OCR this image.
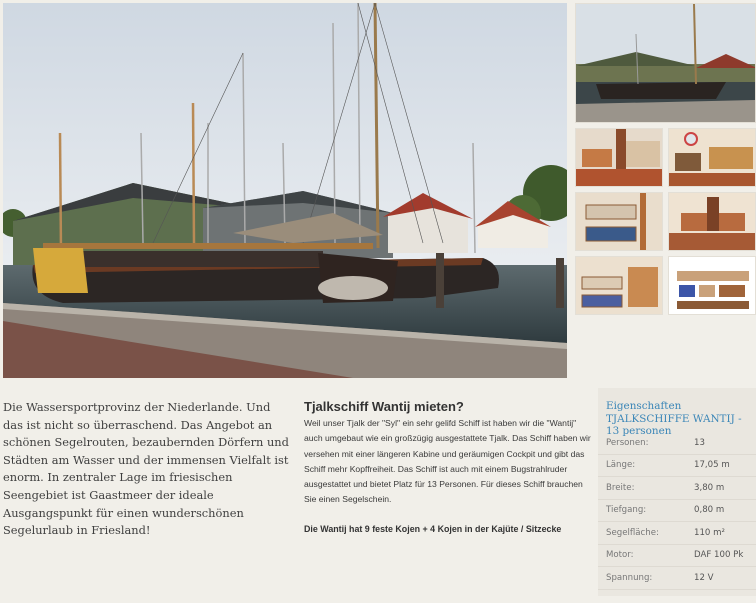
Die Wassersportprovinz der Niederlande. Und das ist nicht so überraschend. Das Angebot an schönen Segelrouten, bezaubernden Dörfern und Städten am Wasser und der immensen Vielfalt ist enorm. In zentraler Lage im friesischen Seengebiet ist Gaastmeer der ideale Ausgangspunkt für einen wunderschönen Segelurlaub in Friesland!
Tjalkschiff Wantij mieten?

Weil unser Tjalk der "Syl" ein sehr gelifd Schiff ist haben wir die "Wantij" auch umgebaut wie ein großzügig ausgestattete Tjalk. Das Schiff haben wir versehen mit einer längeren Kabine und geräumigen Cockpit und gibt das Schiff mehr Kopffreiheit. Das Schiff ist auch mit einem Bugstrahlruder ausgestattet und bietet Platz für 13 Personen. Für dieses Schiff brauchen Sie einen Segelschein.

Die Wantij hat 9 feste Kojen + 4 Kojen in der Kajüte / Sitzecke

Eigenschaften TJALKSCHIFFE WANTIJ - 13 personen
Personen:	13
Länge:	17,05 m
Breite:	3,80 m
Tiefgang:	0,80 m
Segelfläche:	110 m²
Motor:	DAF 100 Pk
Spannung:	12 V
